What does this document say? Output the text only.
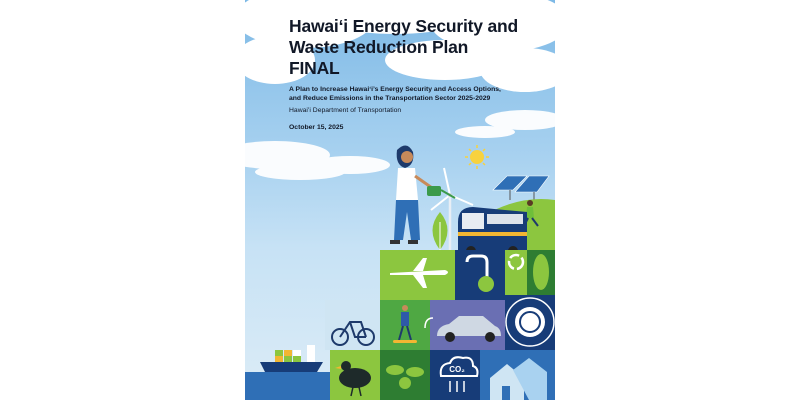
CO₂
Hawaiʻi Energy Security and
Waste Reduction Plan
FINAL
A Plan to Increase Hawaiʻi’s Energy Security and Access Options,
and Reduce Emissions in the Transportation Sector 2025-2029
Hawaiʻi Department of Transportation
October 15, 2025
